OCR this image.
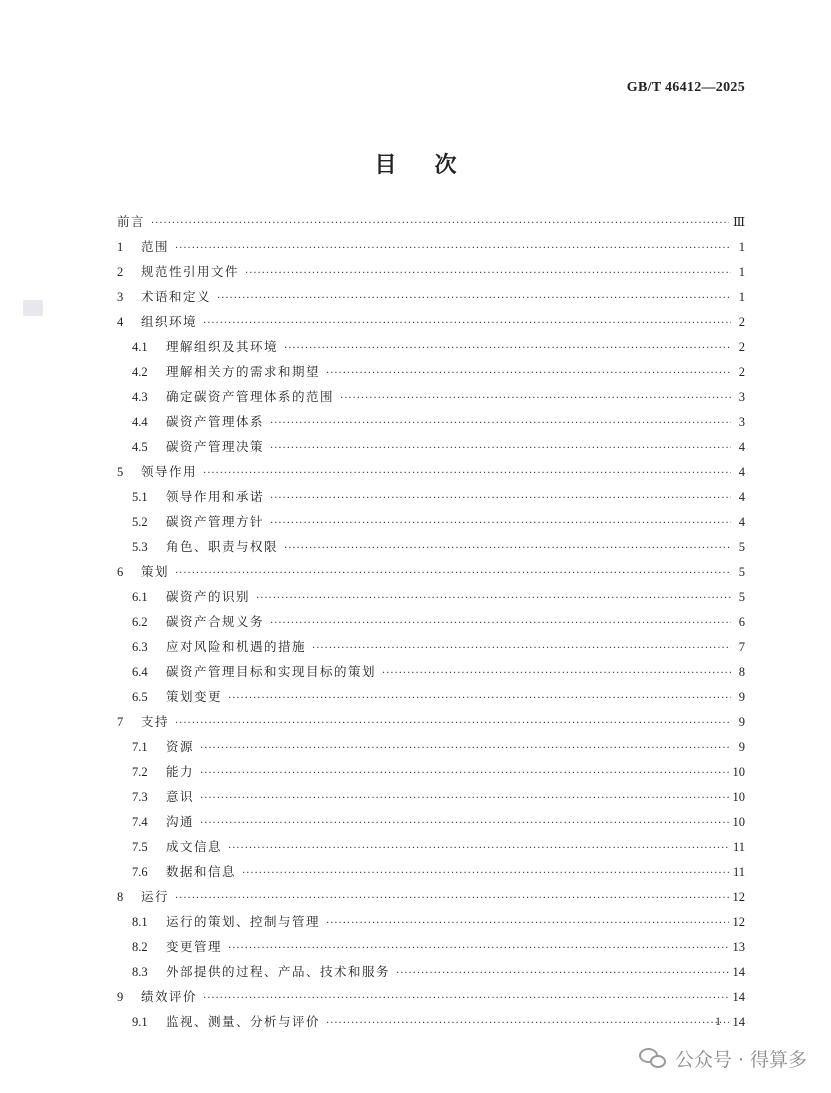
GB/T 46412—2025
目次
前言 ·····	Ⅲ
1	范围 ·····	1
2	规范性引用文件 ·····	1
3	术语和定义 ·····	1
4	组织环境 ·····	2
4.1	理解组织及其环境 ·····	2
4.2	理解相关方的需求和期望 ·····	2
4.3	确定碳资产管理体系的范围 ·····	3
4.4	碳资产管理体系 ·····	3
4.5	碳资产管理决策 ·····	4
5	领导作用 ·····	4
5.1	领导作用和承诺 ·····	4
5.2	碳资产管理方针 ·····	4
5.3	角色、职责与权限 ·····	5
6	策划 ·····	5
6.1	碳资产的识别 ·····	5
6.2	碳资产合规义务 ·····	6
6.3	应对风险和机遇的措施 ·····	7
6.4	碳资产管理目标和实现目标的策划 ·····	8
6.5	策划变更 ·····	9
7	支持 ·····	9
7.1	资源 ·····	9
7.2	能力 ·····	10
7.3	意识 ·····	10
7.4	沟通 ·····	10
7.5	成文信息 ·····	11
7.6	数据和信息 ·····	11
8	运行 ·····	12
8.1	运行的策划、控制与管理 ·····	12
8.2	变更管理 ·····	13
8.3	外部提供的过程、产品、技术和服务 ·····	14
9	绩效评价 ·····	14
9.1	监视、测量、分析与评价 ·····	14
1
公众号 · 得算多
